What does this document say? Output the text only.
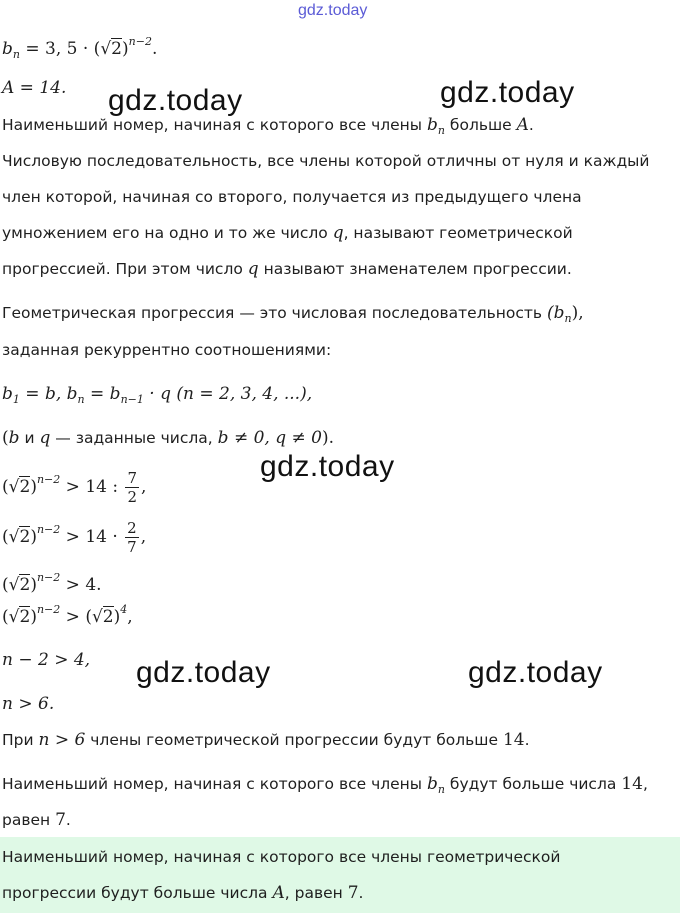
gdz.today
$b_n = 3$, $5 \cdot (√2)^{n-2}$.
A = 14. gdz.today	gdz.today
Наименьший номер, начиная с которого все члены $b_n$ больше A.
Числовую последовательность, все члены которой отличны от нуля и каждый
член которой, начиная со второго, получается из предыдущего члена
умножением его на одно и то же число q, называют геометрической
прогрессией. При этом число q называют знаменателем прогрессии.
Геометрическая прогрессия — это числовая последовательность $(b_n)$,
заданная рекуррентно соотношениями:
$b_1 = b$, $b_n = b_{n-1} \cdot q$ (n = 2, 3, 4, ...),
(b и q — заданные числа, b ≠ 0, q ≠ 0).
gdz.today
$(√2)^{n-2} > 14$ : $\frac{7}{2}$ ,
$(√2)^{n-2} > 14 \cdot \frac{2}{7}$ ,
$(√2)^{n-2} > 4$.
$(√2)^{n-2} > (√2)^4$,
n − 2 > 4, gdz.today	gdz.today
n > 6.
При n > 6 члены геометрической прогрессии будут больше 14.
Наименьший номер, начиная с которого все члены $b_n$ будут больше числа 14,
равен 7.
Наименьший номер, начиная с которого все члены геометрической
прогрессии будут больше числа A, равен 7.
